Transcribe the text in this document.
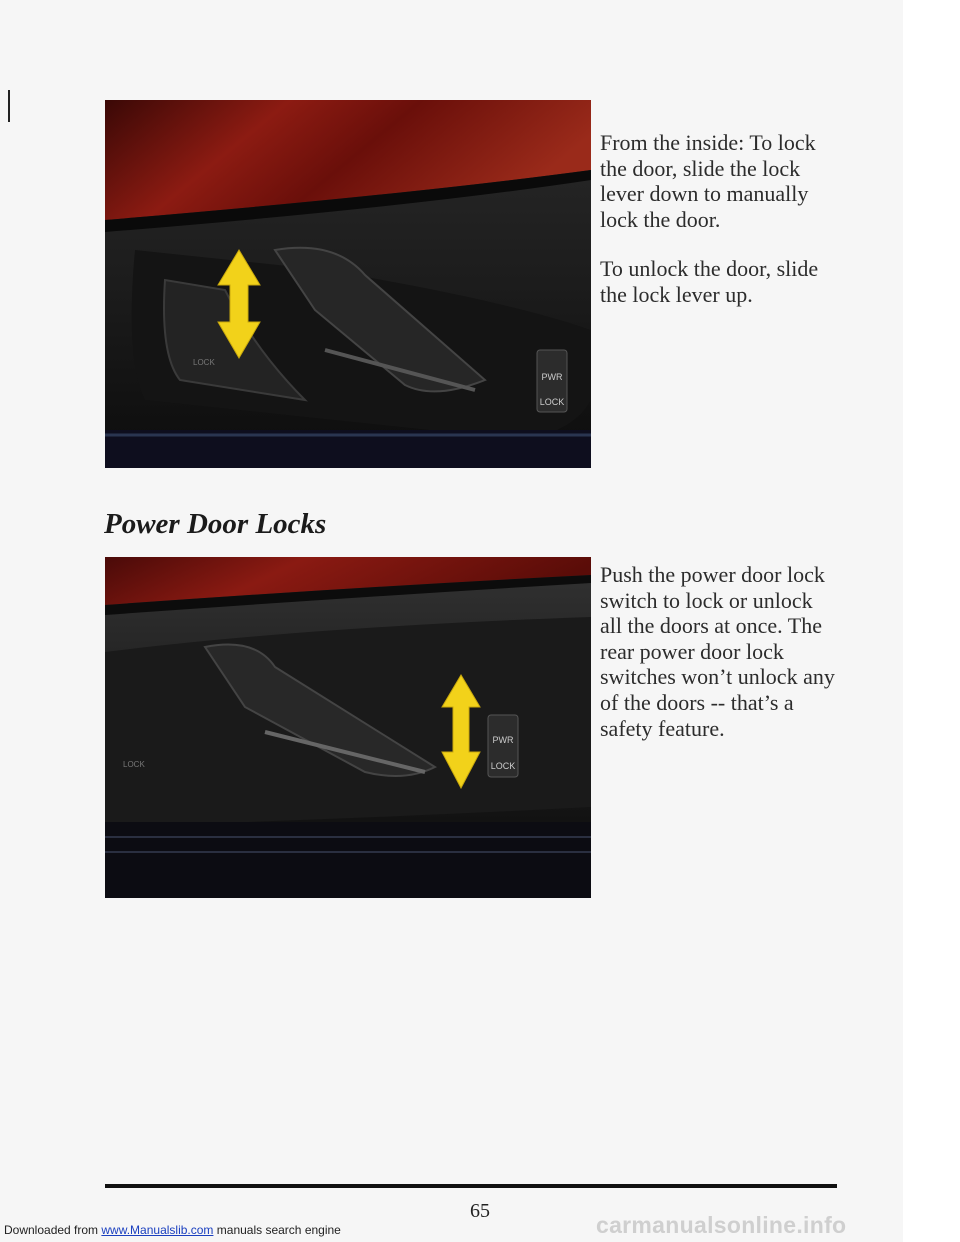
PWR
LOCK
LOCK

From the inside: To lock the door, slide the lock lever down to manually lock the door.

To unlock the door, slide the lock lever up.

Power Door Locks
PWR
LOCK
LOCK

Push the power door lock switch to lock or unlock all the doors at once. The rear power door lock switches won’t unlock any of the doors -- that’s a safety feature.

65
Downloaded from www.Manualslib.com manuals search engine	carmanualsonline.info
